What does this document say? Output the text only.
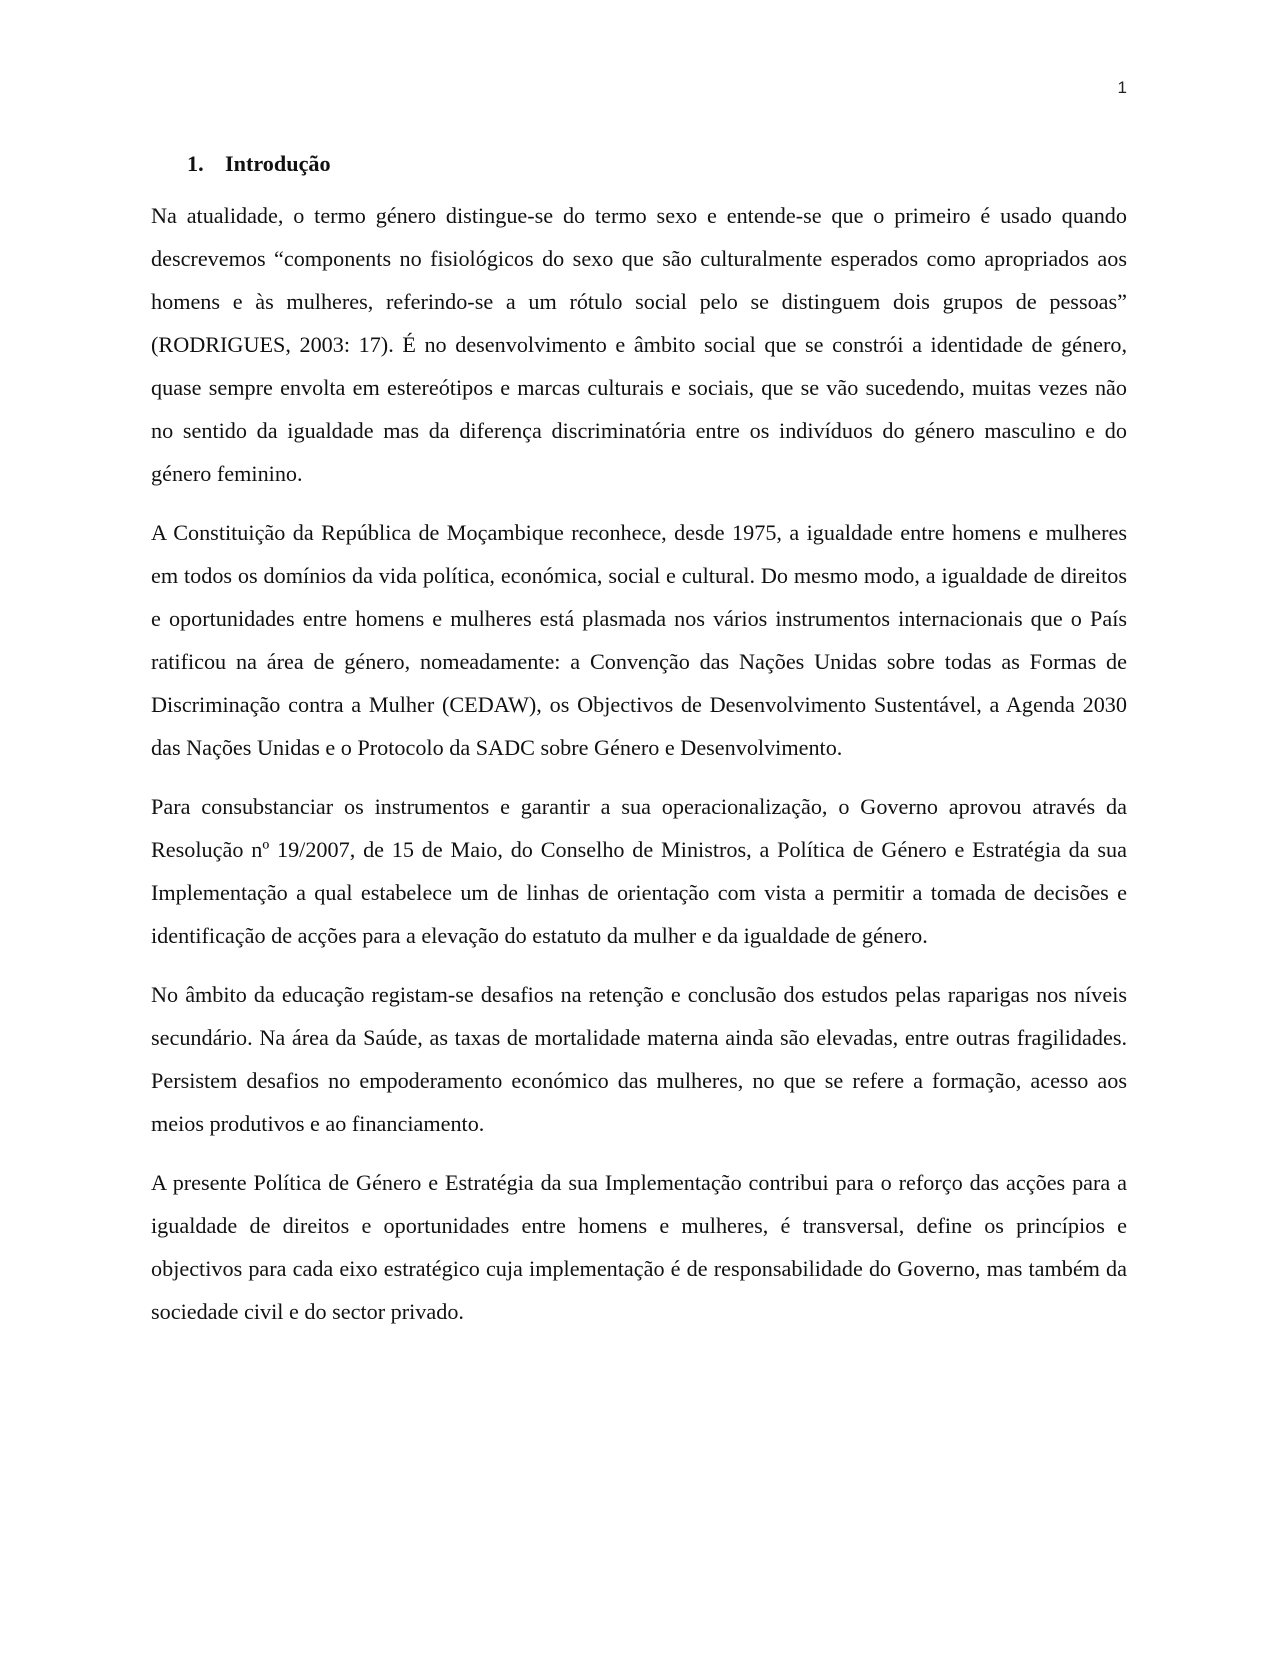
1
1. Introdução

Na atualidade, o termo género distingue-se do termo sexo e entende-se que o primeiro é usado quando descrevemos “components no fisiológicos do sexo que são culturalmente esperados como apropriados aos homens e às mulheres, referindo-se a um rótulo social pelo se distinguem dois grupos de pessoas” (RODRIGUES, 2003: 17). É no desenvolvimento e âmbito social que se constrói a identidade de género, quase sempre envolta em estereótipos e marcas culturais e sociais, que se vão sucedendo, muitas vezes não no sentido da igualdade mas da diferença discriminatória entre os indivíduos do género masculino e do género feminino.

A Constituição da República de Moçambique reconhece, desde 1975, a igualdade entre homens e mulheres em todos os domínios da vida política, económica, social e cultural. Do mesmo modo, a igualdade de direitos e oportunidades entre homens e mulheres está plasmada nos vários instrumentos internacionais que o País ratificou na área de género, nomeadamente: a Convenção das Nações Unidas sobre todas as Formas de Discriminação contra a Mulher (CEDAW), os Objectivos de Desenvolvimento Sustentável, a Agenda 2030 das Nações Unidas e o Protocolo da SADC sobre Género e Desenvolvimento.

Para consubstanciar os instrumentos e garantir a sua operacionalização, o Governo aprovou através da Resolução nº 19/2007, de 15 de Maio, do Conselho de Ministros, a Política de Género e Estratégia da sua Implementação a qual estabelece um de linhas de orientação com vista a permitir a tomada de decisões e identificação de acções para a elevação do estatuto da mulher e da igualdade de género.

No âmbito da educação registam-se desafios na retenção e conclusão dos estudos pelas raparigas nos níveis secundário. Na área da Saúde, as taxas de mortalidade materna ainda são elevadas, entre outras fragilidades. Persistem desafios no empoderamento económico das mulheres, no que se refere a formação, acesso aos meios produtivos e ao financiamento.

A presente Política de Género e Estratégia da sua Implementação contribui para o reforço das acções para a igualdade de direitos e oportunidades entre homens e mulheres, é transversal, define os princípios e objectivos para cada eixo estratégico cuja implementação é de responsabilidade do Governo, mas também da sociedade civil e do sector privado.
